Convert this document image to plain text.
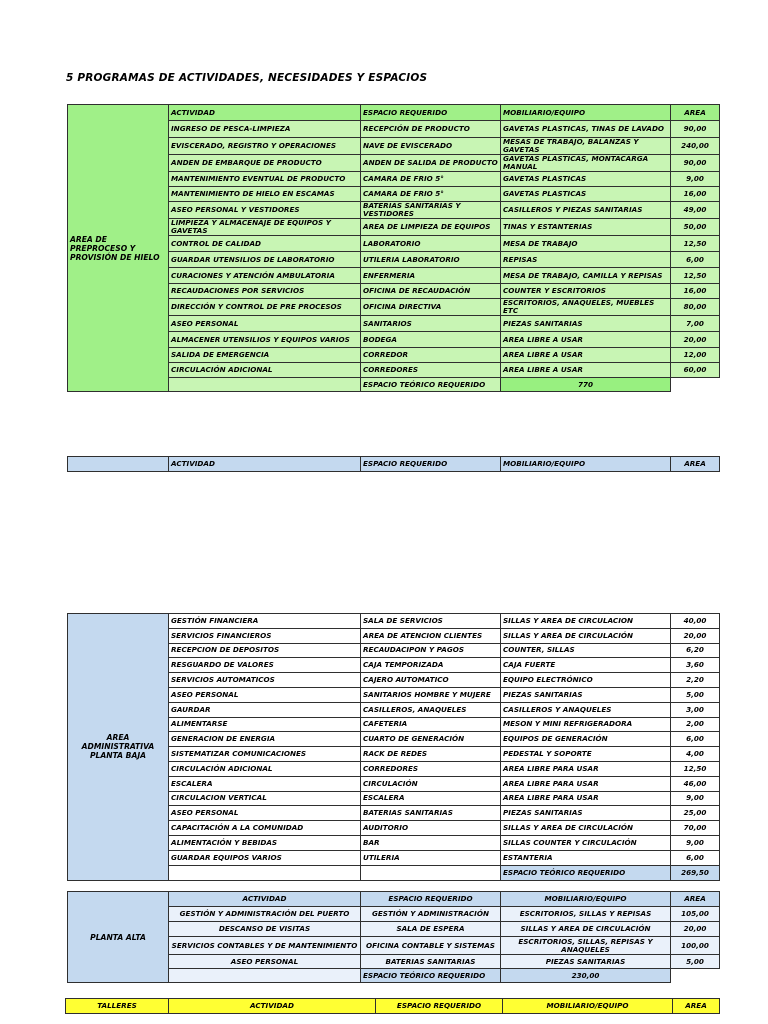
5 PROGRAMAS DE ACTIVIDADES, NECESIDADES Y ESPACIOS
AREA DE PREPROCESO Y PROVISIÓN DE HIELO	ACTIVIDAD	ESPACIO REQUERIDO	MOBILIARIO/EQUIPO	AREA
	INGRESO DE PESCA-LIMPIEZA	RECEPCIÓN DE PRODUCTO	GAVETAS PLASTICAS, TINAS DE LAVADO	90,00
	EVISCERADO, REGISTRO Y OPERACIONES	NAVE DE EVISCERADO	MESAS DE TRABAJO, BALANZAS Y GAVETAS	240,00
	ANDEN DE EMBARQUE DE PRODUCTO	ANDEN DE SALIDA DE PRODUCTO	GAVETAS PLASTICAS, MONTACARGA MANUAL	90,00
	MANTENIMIENTO EVENTUAL DE PRODUCTO	CAMARA DE FRIO 5°	GAVETAS PLASTICAS	9,00
	MANTENIMIENTO DE HIELO EN ESCAMAS	CAMARA DE FRIO 5°	GAVETAS PLASTICAS	16,00
	ASEO PERSONAL Y VESTIDORES	BATERIAS SANITARIAS Y VESTIDORES	CASILLEROS Y PIEZAS SANITARIAS	49,00
	LIMPIEZA Y ALMACENAJE DE EQUIPOS Y GAVETAS	AREA DE LIMPIEZA DE EQUIPOS	TINAS Y ESTANTERIAS	50,00
	CONTROL DE CALIDAD	LABORATORIO	MESA DE TRABAJO	12,50
	GUARDAR UTENSILIOS DE LABORATORIO	UTILERIA LABORATORIO	REPISAS	6,00
	CURACIONES Y ATENCIÓN AMBULATORIA	ENFERMERIA	MESA DE TRABAJO, CAMILLA Y REPISAS	12,50
	RECAUDACIONES POR SERVICIOS	OFICINA DE RECAUDACIÓN	COUNTER Y ESCRITORIOS	16,00
	DIRECCIÓN Y CONTROL DE PRE PROCESOS	OFICINA DIRECTIVA	ESCRITORIOS, ANAQUELES, MUEBLES ETC	80,00
	ASEO PERSONAL	SANITARIOS	PIEZAS SANITARIAS	7,00
	ALMACENER UTENSILIOS Y EQUIPOS VARIOS	BODEGA	AREA LIBRE A USAR	20,00
	SALIDA DE EMERGENCIA	CORREDOR	AREA LIBRE A USAR	12,00
	CIRCULACIÓN ADICIONAL	CORREDORES	AREA LIBRE A USAR	60,00
		ESPACIO TEÓRICO REQUERIDO	770	
	ACTIVIDAD	ESPACIO REQUERIDO	MOBILIARIO/EQUIPO	AREA
AREA ADMINISTRATIVA PLANTA BAJA	GESTIÓN FINANCIERA	SALA DE SERVICIOS	SILLAS Y AREA DE CIRCULACION	40,00
	SERVICIOS FINANCIEROS	AREA DE ATENCION CLIENTES	SILLAS Y AREA DE CIRCULACIÓN	20,00
	RECEPCION DE DEPOSITOS	RECAUDACIPON Y PAGOS	COUNTER, SILLAS	6,20
	RESGUARDO DE VALORES	CAJA TEMPORIZADA	CAJA FUERTE	3,60
	SERVICIOS AUTOMATICOS	CAJERO AUTOMATICO	EQUIPO ELECTRÓNICO	2,20
	ASEO PERSONAL	SANITARIOS HOMBRE Y MUJERE	PIEZAS SANITARIAS	5,00
	GAURDAR	CASILLEROS, ANAQUELES	CASILLEROS Y ANAQUELES	3,00
	ALIMENTARSE	CAFETERIA	MESON Y MINI REFRIGERADORA	2,00
	GENERACION DE ENERGIA	CUARTO DE GENERACIÓN	EQUIPOS DE GENERACIÓN	6,00
	SISTEMATIZAR COMUNICACIONES	RACK DE REDES	PEDESTAL Y SOPORTE	4,00
	CIRCULACIÓN ADICIONAL	CORREDORES	AREA LIBRE PARA USAR	12,50
	ESCALERA	CIRCULACIÓN	AREA LIBRE PARA USAR	46,00
	CIRCULACION VERTICAL	ESCALERA	AREA LIBRE PARA USAR	9,00
	ASEO PERSONAL	BATERIAS SANITARIAS	PIEZAS SANITARIAS	25,00
	CAPACITACIÓN A LA COMUNIDAD	AUDITORIO	SILLAS Y AREA DE CIRCULACIÓN	70,00
	ALIMENTACIÓN Y BEBIDAS	BAR	SILLAS COUNTER Y CIRCULACIÓN	9,00
	GUARDAR EQUIPOS VARIOS	UTILERIA	ESTANTERIA	6,00
			ESPACIO TEÓRICO REQUERIDO	269,50
PLANTA ALTA	ACTIVIDAD	ESPACIO REQUERIDO	MOBILIARIO/EQUIPO	AREA
	GESTIÓN Y ADMINISTRACIÓN DEL PUERTO	GESTIÓN Y ADMINISTRACIÓN	ESCRITORIOS, SILLAS Y REPISAS	105,00
	DESCANSO DE VISITAS	SALA DE ESPERA	SILLAS Y AREA DE CIRCULACIÓN	20,00
	SERVICIOS CONTABLES Y DE MANTENIMIENTO	OFICINA CONTABLE Y SISTEMAS	ESCRITORIOS, SILLAS, REPISAS Y ANAQUELES	100,00
	ASEO PERSONAL	BATERIAS SANITARIAS	PIEZAS SANITARIAS	5,00
		ESPACIO TEÓRICO REQUERIDO	230,00	
TALLERES	ACTIVIDAD	ESPACIO REQUERIDO	MOBILIARIO/EQUIPO	AREA
